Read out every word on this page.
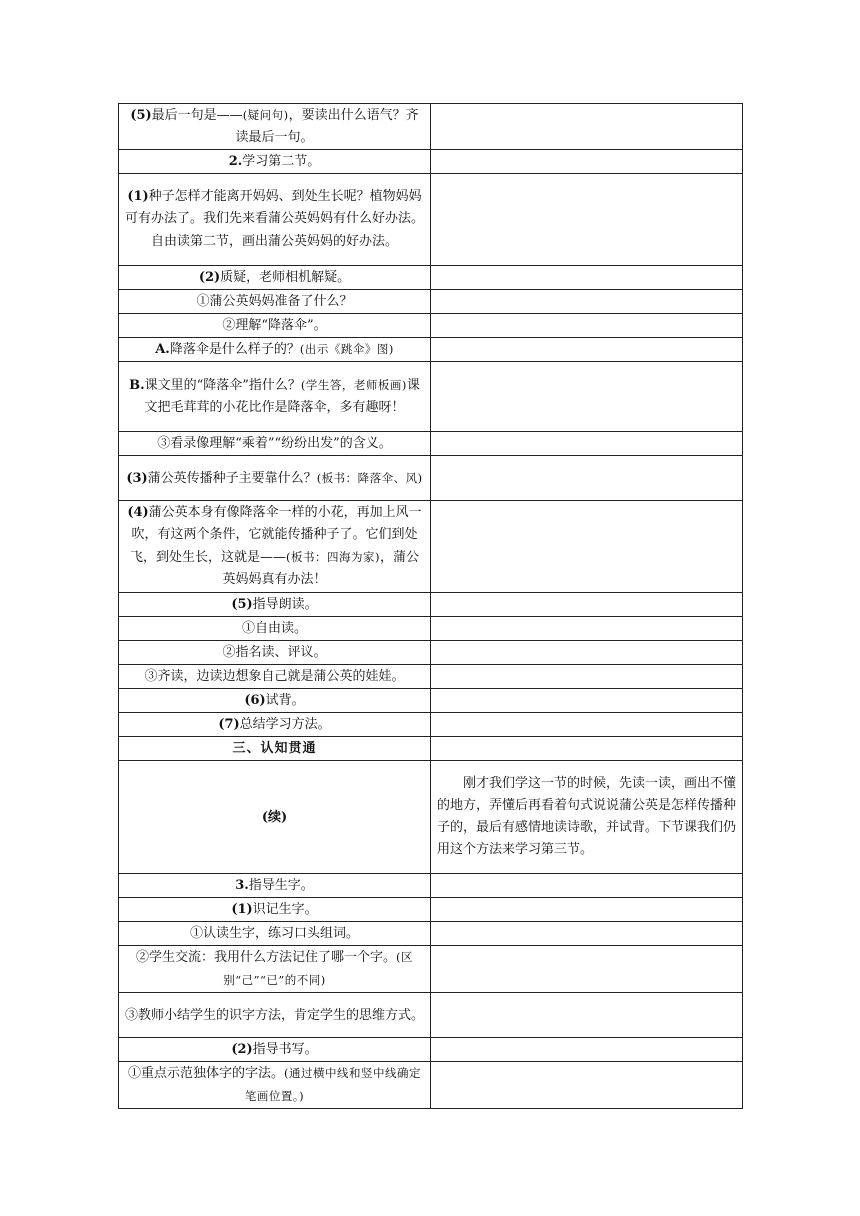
(5)最后一句是——(疑问句)，要读出什么语气？齐读最后一句。	
2.学习第二节。	
(1)种子怎样才能离开妈妈、到处生长呢？植物妈妈可有办法了。我们先来看蒲公英妈妈有什么好办法。自由读第二节，画出蒲公英妈妈的好办法。	
(2)质疑，老师相机解疑。	
①蒲公英妈妈准备了什么？	
②理解“降落伞”。	
A.降落伞是什么样子的？(出示《跳伞》图)	
B.课文里的“降落伞”指什么？(学生答，老师板画)课文把毛茸茸的小花比作是降落伞，多有趣呀！	
③看录像理解“乘着”“纷纷出发”的含义。	
(3)蒲公英传播种子主要靠什么？(板书：降落伞、风)	
(4)蒲公英本身有像降落伞一样的小花，再加上风一吹，有这两个条件，它就能传播种子了。它们到处飞，到处生长，这就是——(板书：四海为家)，蒲公英妈妈真有办法！	
(5)指导朗读。	
①自由读。	
②指名读、评议。	
③齐读，边读边想象自己就是蒲公英的娃娃。	
(6)试背。	
(7)总结学习方法。	
三、认知贯通	
(续)	刚才我们学这一节的时候，先读一读，画出不懂的地方，弄懂后再看着句式说说蒲公英是怎样传播种子的，最后有感情地读诗歌，并试背。下节课我们仍用这个方法来学习第三节。
3.指导生字。	
(1)识记生字。	
①认读生字，练习口头组词。	
②学生交流：我用什么方法记住了哪一个字。(区别“己”“已”的不同)	
③教师小结学生的识字方法，肯定学生的思维方式。	
(2)指导书写。	
①重点示范独体字的字法。(通过横中线和竖中线确定笔画位置。)	
